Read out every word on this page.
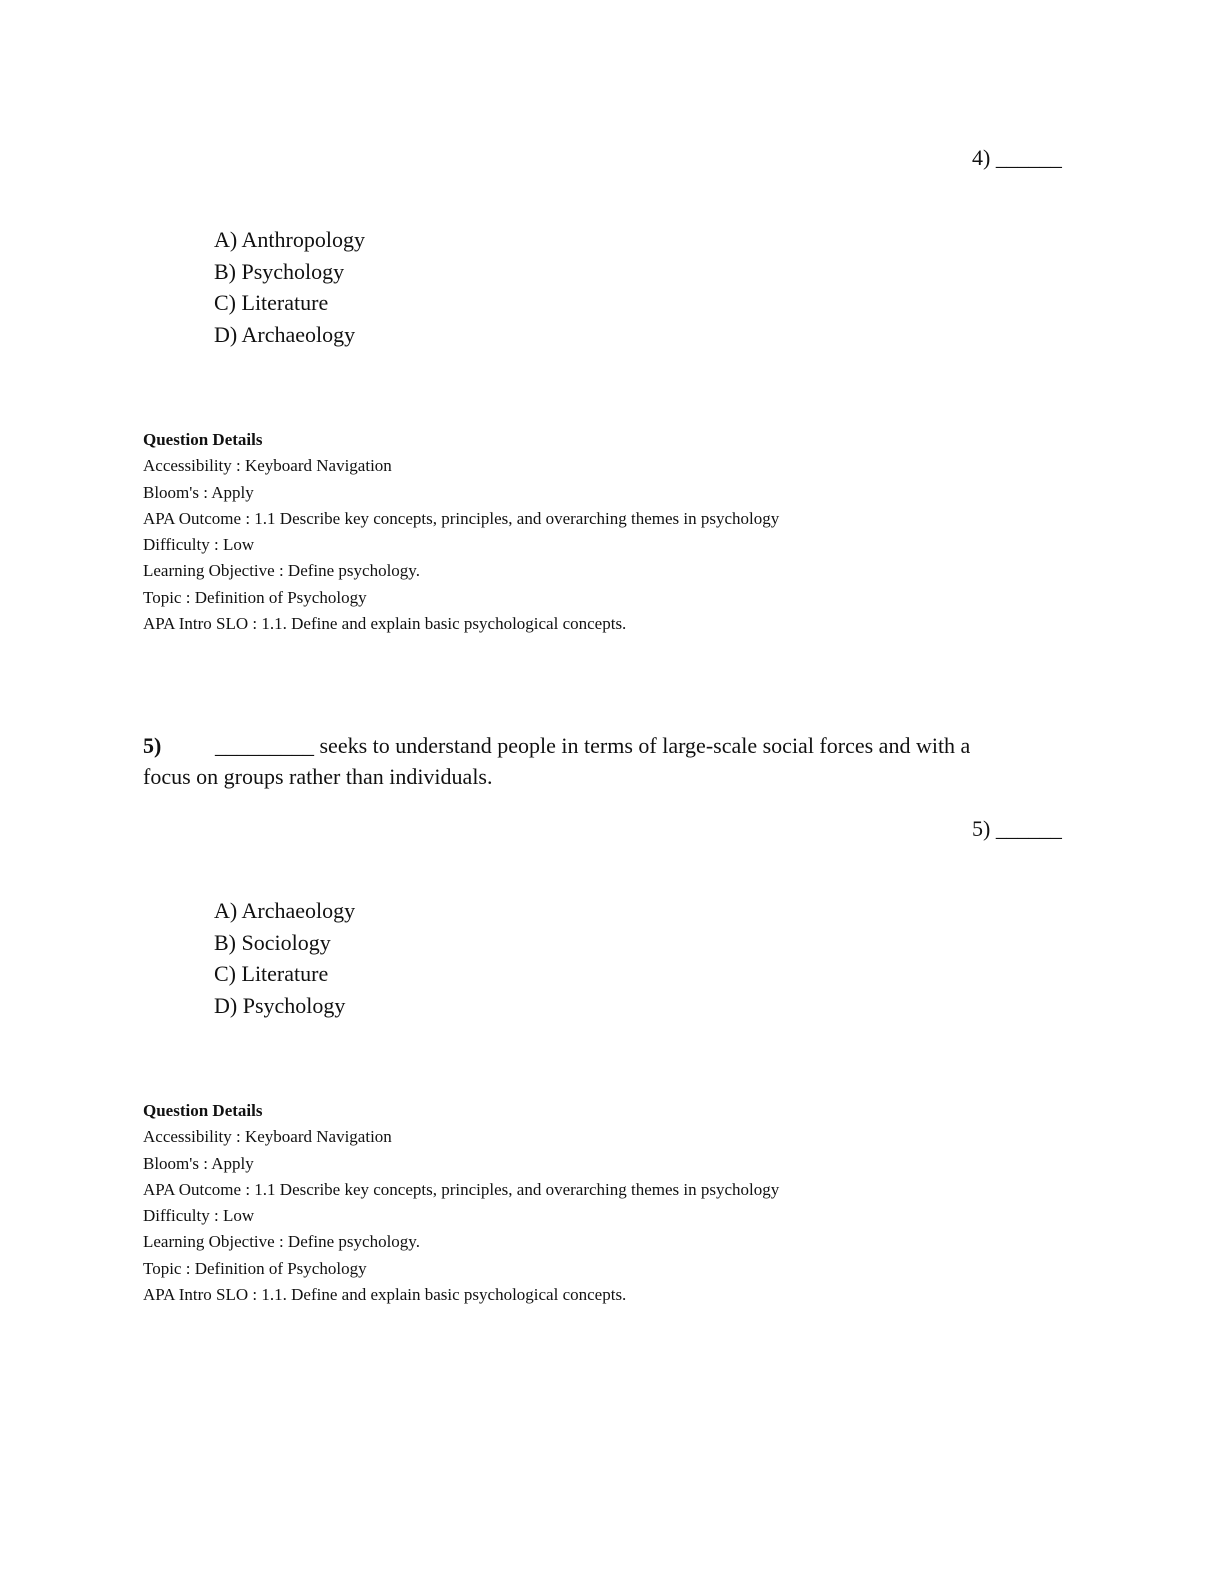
4) ______
A) Anthropology
B) Psychology
C) Literature
D) Archaeology
Question Details
Accessibility : Keyboard Navigation
Bloom's : Apply
APA Outcome : 1.1 Describe key concepts, principles, and overarching themes in psychology
Difficulty : Low
Learning Objective : Define psychology.
Topic : Definition of Psychology
APA Intro SLO : 1.1. Define and explain basic psychological concepts.
5) _________ seeks to understand people in terms of large-scale social forces and with a
focus on groups rather than individuals.
5) ______
A) Archaeology
B) Sociology
C) Literature
D) Psychology
Question Details
Accessibility : Keyboard Navigation
Bloom's : Apply
APA Outcome : 1.1 Describe key concepts, principles, and overarching themes in psychology
Difficulty : Low
Learning Objective : Define psychology.
Topic : Definition of Psychology
APA Intro SLO : 1.1. Define and explain basic psychological concepts.
